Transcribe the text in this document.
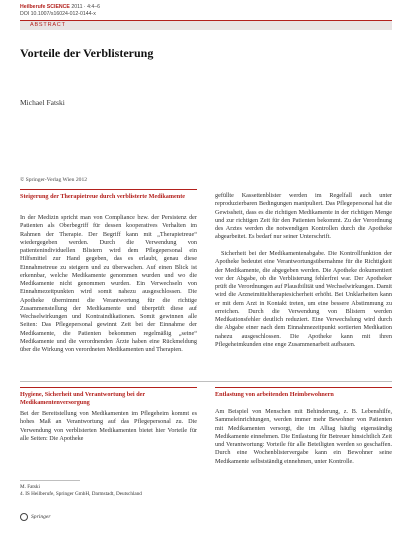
Heilberufe SCIENCE 2011 · 4:4–6
DOI 10.1007/s16024-012-0144-x
ABSTRACT
Vorteile der Verblisterung
Michael Fatski
© Springer-Verlag Wien 2012
Steigerung der Therapietreue durch verblisterte Medikamente

In der Medizin spricht man von Compliance bzw. der Persistenz der Patienten als Oberbegriff für dessen kooperatives Verhalten im Rahmen der Therapie. Der Begriff kann mit „Therapietreue“ wiedergegeben werden. Durch die Verwendung von patientenindividuellen Blistern wird dem Pflegepersonal ein Hilfsmittel zur Hand gegeben, das es erlaubt, genau diese Einnahmetreue zu steigern und zu überwachen. Auf einen Blick ist erkennbar, welche Medikamente genommen wurden und wo die Medikamente nicht genommen wurden. Ein Verwechseln von Einnahmezeitpunkten wird somit nahezu ausgeschlossen. Die Apotheke übernimmt die Verantwortung für die richtige Zusammenstellung der Medikamente und überprüft diese auf Wechselwirkungen und Kontraindikationen. Somit gewinnen alle Seiten: Das Pflegepersonal gewinnt Zeit bei der Einnahme der Medikamente, die Patienten bekommen regelmäßig „seine“ Medikamente und die verordnenden Ärzte haben eine Rückmeldung über die Wirkung von verordneten Medikamenten und Therapien.

gefüllte Kassettenblister werden im Regelfall auch unter reproduzierbaren Bedingungen manipuliert. Das Pflegepersonal hat die Gewissheit, dass es die richtigen Medikamente in der richtigen Menge und zur richtigen Zeit für den Patienten bekommt. Zu der Verordnung des Arztes werden die notwendigen Kontrollen durch die Apotheke abgearbeitet. Es bedarf nur seiner Unterschrift.

Sicherheit bei der Medikamentenabgabe. Die Kontrollfunktion der Apotheke bedeutet eine Verantwortungsübernahme für die Richtigkeit der Medikamente, die abgegeben werden. Die Apotheke dokumentiert vor der Abgabe, ob die Verblisterung fehlerfrei war. Der Apotheker prüft die Verordnungen auf Plausibilität und Wechselwirkungen. Damit wird die Arzneimitteltherapiesicherheit erhöht. Bei Unklarheiten kann er mit dem Arzt in Kontakt treten, um eine bessere Abstimmung zu erreichen. Durch die Verwendung von Blistern werden Medikationsfehler deutlich reduziert. Eine Verwechslung wird durch die Abgabe einer nach dem Einnahmezeitpunkt sortierten Medikation nahezu ausgeschlossen. Die Apotheke kann mit ihren Pflegeheimkunden eine enge Zusammenarbeit aufbauen.

Hygiene, Sicherheit und Verantwortung bei der Medikamentenversorgung

Bei der Bereitstellung von Medikamenten im Pflegeheim kommt es hohes Maß an Verantwortung auf das Pflegepersonal zu. Die Verwendung von verblisterten Medikamenten bietet hier Vorteile für alle Seiten: Die Apotheke

Entlastung von arbeitenden Heimbewohnern

Am Beispiel von Menschen mit Behinderung, z. B. Lebenshilfe, Sammeleinrichtungen, werden immer mehr Bewohner von Patienten mit Medikamenten versorgt, die im Alltag häufig eigenständig Medikamente einnehmen. Die Entlastung für Betreuer hinsichtlich Zeit und Verantwortung: Vorteile für alle Beteiligten werden so geschaffen. Durch eine Wochenblistervergabe kann ein Bewohner seine Medikamente selbstständig einnehmen, unter Kontrolle.

M. Fatski
4. IS Heilberufe, Springer GmbH, Darmstadt, Deutschland
Springer
